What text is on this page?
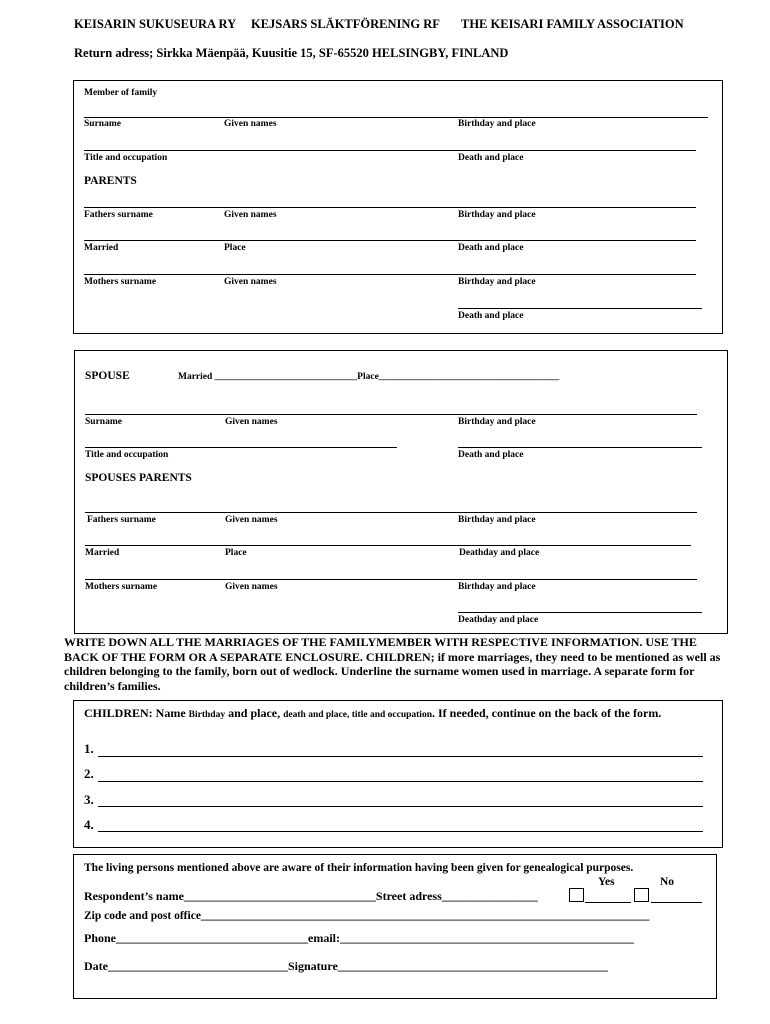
KEISARIN SUKUSEURA RY KEJSARS SLÄKTFÖRENING RF THE KEISARI FAMILY ASSOCIATION
Return adress; Sirkka Mäenpää, Kuusitie 15, SF-65520 HELSINGBY, FINLAND
Member of family
Surname	Given names	Birthday and place
Title and occupation	Death and place
PARENTS
Fathers surname	Given names	Birthday and place
Married	Place	Death and place
Mothers surname	Given names	Birthday and place
Death and place
SPOUSE	Married ______________________________Place______________________________________
Surname	Given names	Birthday and place
Title and occupation	Death and place
SPOUSES PARENTS
Fathers surname	Given names	Birthday and place
Married	Place	Deathday and place
Mothers surname	Given names	Birthday and place
Deathday and place
WRITE DOWN ALL THE MARRIAGES OF THE FAMILYMEMBER WITH RESPECTIVE INFORMATION. USE THE BACK OF THE FORM OR A SEPARATE ENCLOSURE. CHILDREN; if more marriages, they need to be mentioned as well as children belonging to the family, born out of wedlock. Underline the surname women used in marriage. A separate form for children’s families.
CHILDREN: Name Birthday and place, death and place, title and occupation. If needed, continue on the back of the form.
1.
2.
3.
4.
The living persons mentioned above are aware of their information having been given for genealogical purposes.
Yes	No
Respondent’s name________________________________Street adress________________
Zip code and post office______________________________________________________________________________
Phone________________________________email:_________________________________________________
Date______________________________Signature_____________________________________________
